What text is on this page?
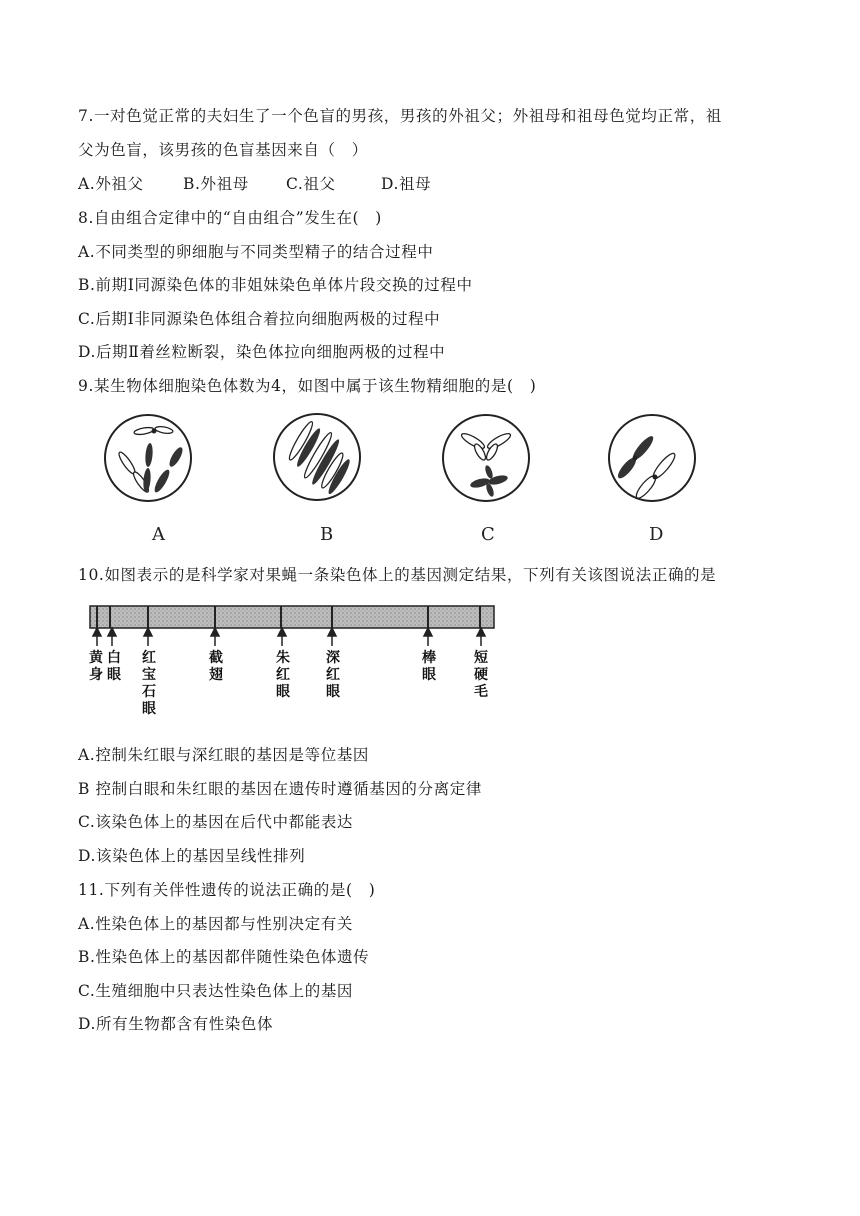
7.一对色觉正常的夫妇生了一个色盲的男孩，男孩的外祖父；外祖母和祖母色觉均正常，祖
父为色盲，该男孩的色盲基因来自（　）
A.外祖父	B.外祖母 C.祖父	D.祖母
8.自由组合定律中的“自由组合”发生在(　)
A.不同类型的卵细胞与不同类型精子的结合过程中
B.前期Ⅰ同源染色体的非姐妹染色单体片段交换的过程中
C.后期Ⅰ非同源染色体组合着拉向细胞两极的过程中
D.后期Ⅱ着丝粒断裂，染色体拉向细胞两极的过程中
9.某生物体细胞染色体数为4，如图中属于该生物精细胞的是(　)
A	B	C	D
10.如图表示的是科学家对果蝇一条染色体上的基因测定结果，下列有关该图说法正确的是
黄身
白眼
红宝石眼
截翅
朱红眼
深红眼
棒眼
短硬毛
A.控制朱红眼与深红眼的基因是等位基因
B 控制白眼和朱红眼的基因在遗传时遵循基因的分离定律
C.该染色体上的基因在后代中都能表达
D.该染色体上的基因呈线性排列
11.下列有关伴性遗传的说法正确的是(　)
A.性染色体上的基因都与性别决定有关
B.性染色体上的基因都伴随性染色体遗传
C.生殖细胞中只表达性染色体上的基因
D.所有生物都含有性染色体
